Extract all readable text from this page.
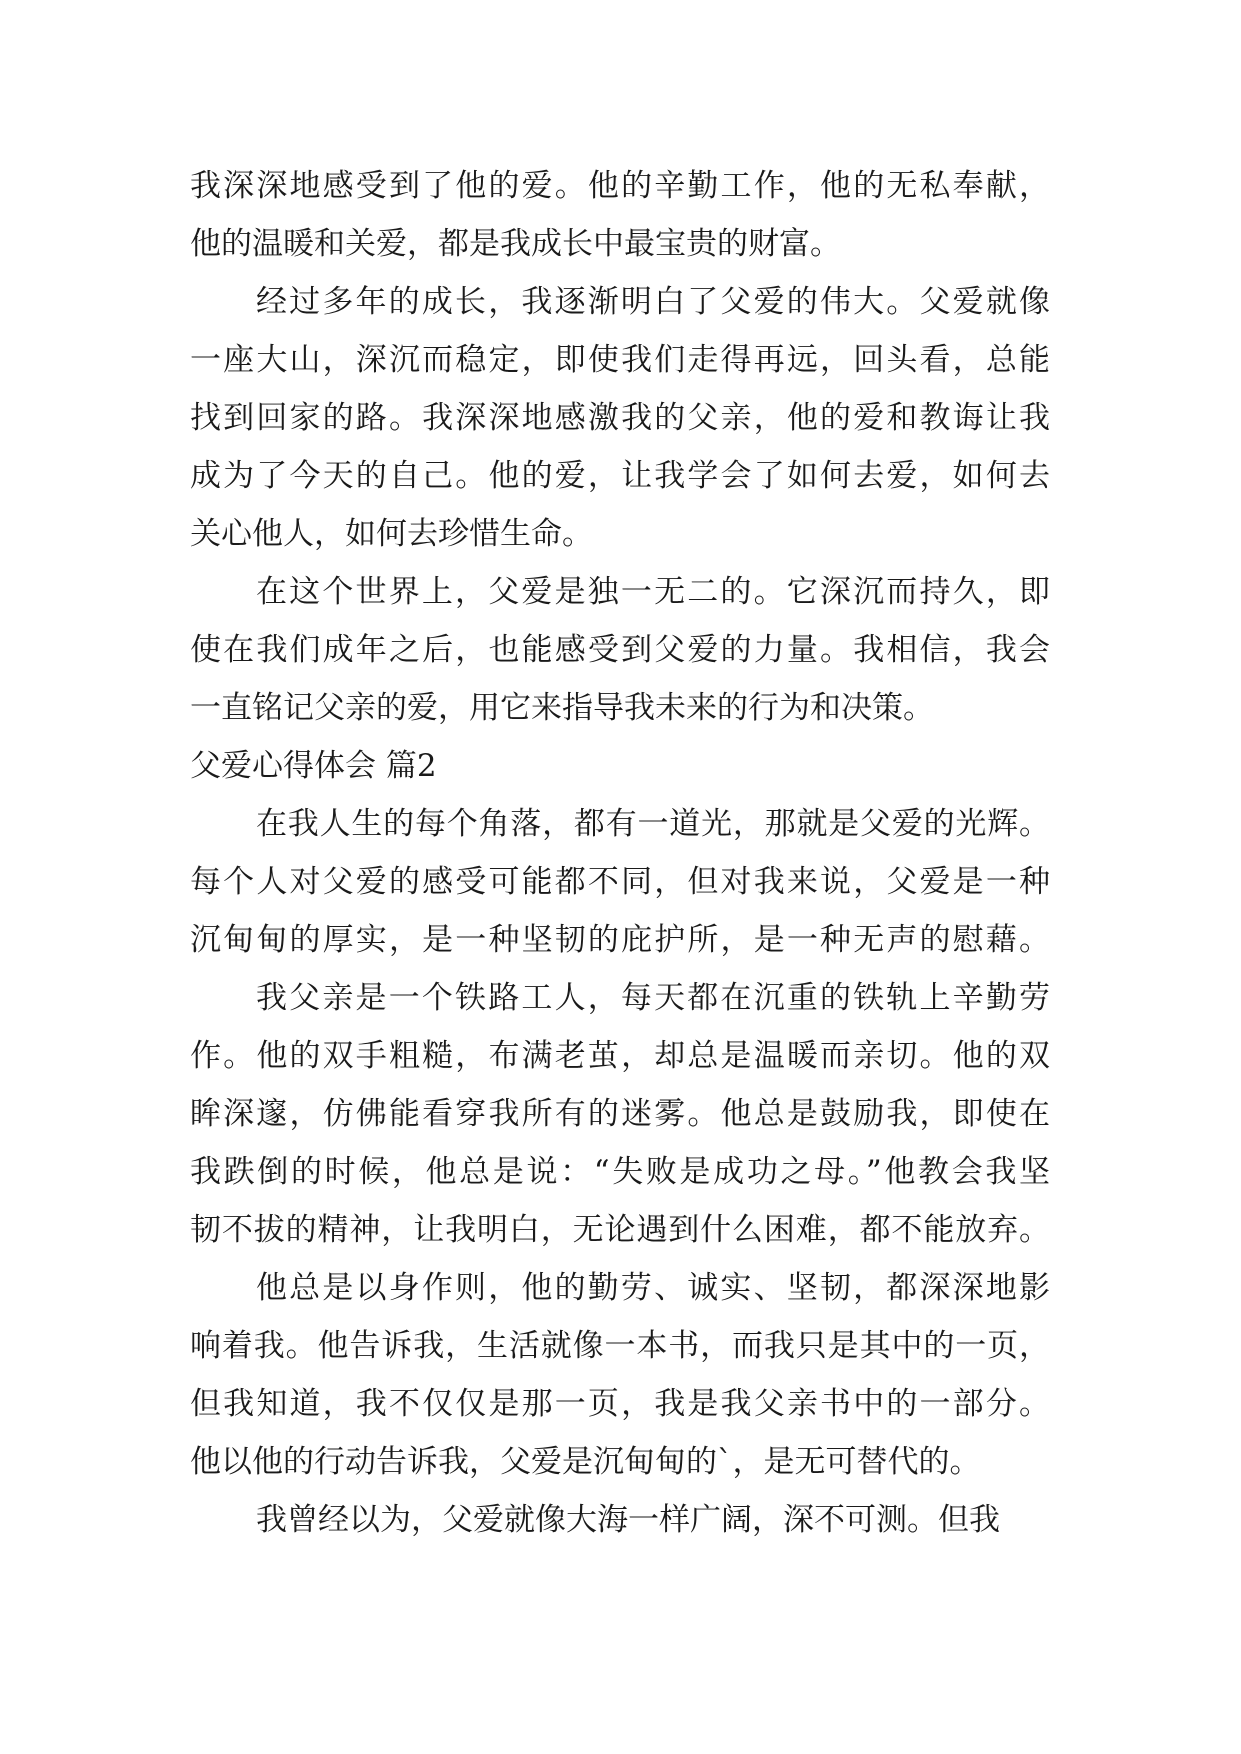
我深深地感受到了他的爱。他的辛勤工作，他的无私奉献，
他的温暖和关爱，都是我成长中最宝贵的财富。
经过多年的成长，我逐渐明白了父爱的伟大。父爱就像
一座大山，深沉而稳定，即使我们走得再远，回头看，总能
找到回家的路。我深深地感激我的父亲，他的爱和教诲让我
成为了今天的自己。他的爱，让我学会了如何去爱，如何去
关心他人，如何去珍惜生命。
在这个世界上，父爱是独一无二的。它深沉而持久，即
使在我们成年之后，也能感受到父爱的力量。我相信，我会
一直铭记父亲的爱，用它来指导我未来的行为和决策。
父爱心得体会 篇2
在我人生的每个角落，都有一道光，那就是父爱的光辉。
每个人对父爱的感受可能都不同，但对我来说，父爱是一种
沉甸甸的厚实，是一种坚韧的庇护所，是一种无声的慰藉。
我父亲是一个铁路工人，每天都在沉重的铁轨上辛勤劳
作。他的双手粗糙，布满老茧，却总是温暖而亲切。他的双
眸深邃，仿佛能看穿我所有的迷雾。他总是鼓励我，即使在
我跌倒的时候，他总是说：“失败是成功之母。”他教会我坚
韧不拔的精神，让我明白，无论遇到什么困难，都不能放弃。
他总是以身作则，他的勤劳、诚实、坚韧，都深深地影
响着我。他告诉我，生活就像一本书，而我只是其中的一页，
但我知道，我不仅仅是那一页，我是我父亲书中的一部分。
他以他的行动告诉我，父爱是沉甸甸的`，是无可替代的。
我曾经以为，父爱就像大海一样广阔，深不可测。但我
